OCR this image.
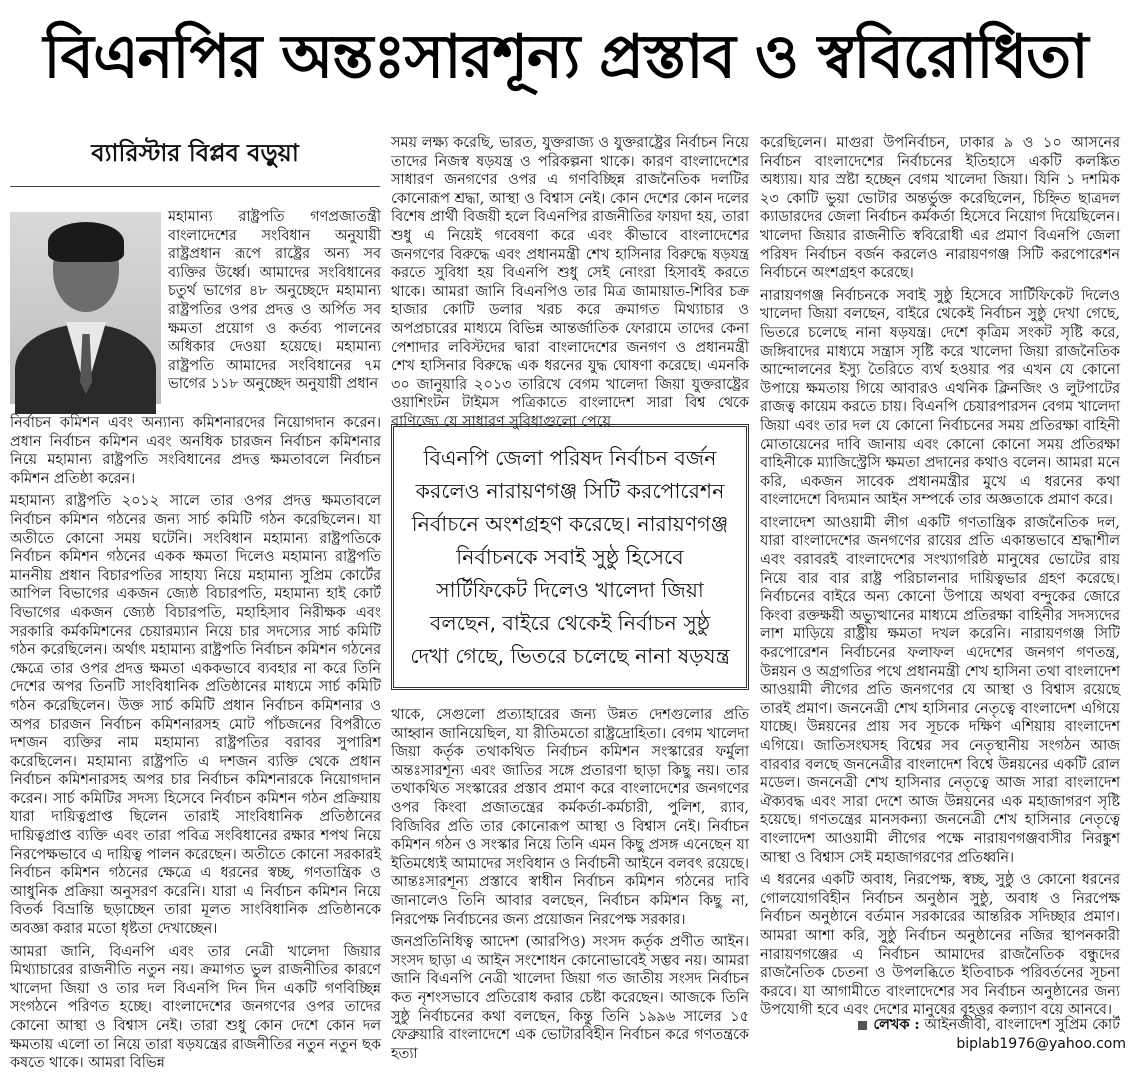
বিএনপির অন্তঃসারশূন্য প্রস্তাব ও স্ববিরোধিতা
ব্যারিস্টার বিপ্লব বড়ুয়া

মহামান্য রাষ্ট্রপতি গণপ্রজাতন্ত্রী বাংলাদেশের সংবিধান অনুযায়ী রাষ্ট্রপ্রধান রূপে রাষ্ট্রের অন্য সব ব্যক্তির উর্ধ্বে। আমাদের সংবিধানের চতুর্থ ভাগের ৪৮ অনুচ্ছেদে মহামান্য রাষ্ট্রপতির ওপর প্রদত্ত ও অর্পিত সব ক্ষমতা প্রয়োগ ও কর্তব্য পালনের অধিকার দেওয়া হয়েছে। মহামান্য রাষ্ট্রপতি আমাদের সংবিধানের ৭ম ভাগের ১১৮ অনুচ্ছেদ অনুযায়ী প্রধান

নির্বাচন কমিশন এবং অন্যান্য কমিশনারদের নিয়োগদান করেন। প্রধান নির্বাচন কমিশন এবং অনধিক চারজন নির্বাচন কমিশনার নিয়ে মহামান্য রাষ্ট্রপতি সংবিধানের প্রদত্ত ক্ষমতাবলে নির্বাচন কমিশন প্রতিষ্ঠা করেন।

মহামান্য রাষ্ট্রপতি ২০১২ সালে তার ওপর প্রদত্ত ক্ষমতাবলে নির্বাচন কমিশন গঠনের জন্য সার্চ কমিটি গঠন করেছিলেন। যা অতীতে কোনো সময় ঘটেনি। সংবিধান মহামান্য রাষ্ট্রপতিকে নির্বাচন কমিশন গঠনের একক ক্ষমতা দিলেও মহামান্য রাষ্ট্রপতি মাননীয় প্রধান বিচারপতির সাহায্য নিয়ে মহামান্য সুপ্রিম কোর্টের আপিল বিভাগের একজন জ্যেষ্ঠ বিচারপতি, মহামান্য হাই কোর্ট বিভাগের একজন জ্যেষ্ঠ বিচারপতি, মহাহিসাব নিরীক্ষক এবং সরকারি কর্মকমিশনের চেয়ারম্যান নিয়ে চার সদস্যের সার্চ কমিটি গঠন করেছিলেন। অর্থাৎ মহামান্য রাষ্ট্রপতি নির্বাচন কমিশন গঠনের ক্ষেত্রে তার ওপর প্রদত্ত ক্ষমতা এককভাবে ব্যবহার না করে তিনি দেশের অপর তিনটি সাংবিধানিক প্রতিষ্ঠানের মাধ্যমে সার্চ কমিটি গঠন করেছিলেন। উক্ত সার্চ কমিটি প্রধান নির্বাচন কমিশনার ও অপর চারজন নির্বাচন কমিশনারসহ মোট পাঁচজনের বিপরীতে দশজন ব্যক্তির নাম মহামান্য রাষ্ট্রপতির বরাবর সুপারিশ করেছিলেন। মহামান্য রাষ্ট্রপতি এ দশজন ব্যক্তি থেকে প্রধান নির্বাচন কমিশনারসহ অপর চার নির্বাচন কমিশনারকে নিয়োগদান করেন। সার্চ কমিটির সদস্য হিসেবে নির্বাচন কমিশন গঠন প্রক্রিয়ায় যারা দায়িত্বপ্রাপ্ত ছিলেন তারাই সাংবিধানিক প্রতিষ্ঠানের দায়িত্বপ্রাপ্ত ব্যক্তি এবং তারা পবিত্র সংবিধানের রক্ষার শপথ নিয়ে নিরপেক্ষভাবে এ দায়িত্ব পালন করেছেন। অতীতে কোনো সরকারই নির্বাচন কমিশন গঠনের ক্ষেত্রে এ ধরনের স্বচ্ছ, গণতান্ত্রিক ও আধুনিক প্রক্রিয়া অনুসরণ করেনি। যারা এ নির্বাচন কমিশন নিয়ে বিতর্ক বিভ্রান্তি ছড়াচ্ছেন তারা মূলত সাংবিধানিক প্রতিষ্ঠানকে অবজ্ঞা করার মতো ধৃষ্টতা দেখাচ্ছেন।

আমরা জানি, বিএনপি এবং তার নেত্রী খালেদা জিয়ার মিথ্যাচারের রাজনীতি নতুন নয়। ক্রমাগত ভুল রাজনীতির কারণে খালেদা জিয়া ও তার দল বিএনপি দিন দিন একটি গণবিচ্ছিন্ন সংগঠনে পরিণত হচ্ছে। বাংলাদেশের জনগণের ওপর তাদের কোনো আস্থা ও বিশ্বাস নেই। তারা শুধু কোন দেশে কোন দল ক্ষমতায় এলো তা নিয়ে তারা ষড়যন্ত্রের রাজনীতির নতুন নতুন ছক কষতে থাকে। আমরা বিভিন্ন

সময় লক্ষ্য করেছি, ভারত, যুক্তরাজ্য ও যুক্তরাষ্ট্রের নির্বাচন নিয়ে তাদের নিজস্ব ষড়যন্ত্র ও পরিকল্পনা থাকে। কারণ বাংলাদেশের সাধারণ জনগণের ওপর এ গণবিচ্ছিন্ন রাজনৈতিক দলটির কোনোরূপ শ্রদ্ধা, আস্থা ও বিশ্বাস নেই। কোন দেশের কোন দলের বিশেষ প্রার্থী বিজয়ী হলে বিএনপির রাজনীতির ফায়দা হয়, তারা শুধু এ নিয়েই গবেষণা করে এবং কীভাবে বাংলাদেশের জনগণের বিরুদ্ধে এবং প্রধানমন্ত্রী শেখ হাসিনার বিরুদ্ধে ষড়যন্ত্র করতে সুবিধা হয় বিএনপি শুধু সেই নোংরা হিসাবই করতে থাকে। আমরা জানি বিএনপিও তার মিত্র জামায়াত-শিবির চক্র হাজার কোটি ডলার খরচ করে ক্রমাগত মিথ্যাচার ও অপপ্রচারের মাধ্যমে বিভিন্ন আন্তর্জাতিক ফোরামে তাদের কেনা পেশাদার লবিস্টদের দ্বারা বাংলাদেশের জনগণ ও প্রধানমন্ত্রী শেখ হাসিনার বিরুদ্ধে এক ধরনের যুদ্ধ ঘোষণা করেছে। এমনকি ৩০ জানুয়ারি ২০১৩ তারিখে বেগম খালেদা জিয়া যুক্তরাষ্ট্রের ওয়াশিংটন টাইমস পত্রিকাতে বাংলাদেশ সারা বিশ্ব থেকে বাণিজ্যে যে সাধারণ সুবিধাগুলো পেয়ে

বিএনপি জেলা পরিষদ নির্বাচন বর্জন করলেও নারায়ণগঞ্জ সিটি করপোরেশন নির্বাচনে অংশগ্রহণ করেছে। নারায়ণগঞ্জ নির্বাচনকে সবাই সুষ্ঠু হিসেবে সার্টিফিকেট দিলেও খালেদা জিয়া বলছেন, বাইরে থেকেই নির্বাচন সুষ্ঠু দেখা গেছে, ভিতরে চলেছে নানা ষড়যন্ত্র

থাকে, সেগুলো প্রত্যাহারের জন্য উন্নত দেশগুলোর প্রতি আহ্বান জানিয়েছিল, যা রীতিমতো রাষ্ট্রদ্রোহিতা। বেগম খালেদা জিয়া কর্তৃক তথাকথিত নির্বাচন কমিশন সংস্কারের ফর্মুলা অন্তঃসারশূন্য এবং জাতির সঙ্গে প্রতারণা ছাড়া কিছু নয়। তার তথাকথিত সংস্কারের প্রস্তাব প্রমাণ করে বাংলাদেশের জনগণের ওপর কিংবা প্রজাতন্ত্রের কর্মকর্তা-কর্মচারী, পুলিশ, র‌্যাব, বিজিবির প্রতি তার কোনোরূপ আস্থা ও বিশ্বাস নেই। নির্বাচন কমিশন গঠন ও সংস্কার নিয়ে তিনি এমন কিছু প্রসঙ্গ এনেছেন যা ইতিমধ্যেই আমাদের সংবিধান ও নির্বাচনী আইনে বলবৎ রয়েছে। আন্তঃসারশূন্য প্রস্তাবে স্বাধীন নির্বাচন কমিশন গঠনের দাবি জানালেও তিনি আবার বলছেন, নির্বাচন কমিশন কিছু না, নিরপেক্ষ নির্বাচনের জন্য প্রয়োজন নিরপেক্ষ সরকার।

জনপ্রতিনিধিত্ব আদেশ (আরপিও) সংসদ কর্তৃক প্রণীত আইন। সংসদ ছাড়া এ আইন সংশোধন কোনোভাবেই সম্ভব নয়। আমরা জানি বিএনপি নেত্রী খালেদা জিয়া গত জাতীয় সংসদ নির্বাচন কত নৃশংসভাবে প্রতিরোধ করার চেষ্টা করেছেন। আজকে তিনি সুষ্ঠু নির্বাচনের কথা বলছেন, কিন্তু তিনি ১৯৯৬ সালের ১৫ ফেব্রুয়ারি বাংলাদেশে এক ভোটারবিহীন নির্বাচন করে গণতন্ত্রকে হত্যা

করেছিলেন। মাগুরা উপনির্বাচন, ঢাকার ৯ ও ১০ আসনের নির্বাচন বাংলাদেশের নির্বাচনের ইতিহাসে একটি কলঙ্কিত অধ্যায়। যার স্রষ্টা হচ্ছেন বেগম খালেদা জিয়া। যিনি ১ দশমিক ২৩ কোটি ভুয়া ভোটার অন্তর্ভুক্ত করেছিলেন, চিহ্নিত ছাত্রদল ক্যাডারদের জেলা নির্বাচন কর্মকর্তা হিসেবে নিয়োগ দিয়েছিলেন। খালেদা জিয়ার রাজনীতি স্ববিরোধী এর প্রমাণ বিএনপি জেলা পরিষদ নির্বাচন বর্জন করলেও নারায়ণগঞ্জ সিটি করপোরেশন নির্বাচনে অংশগ্রহণ করেছে।

নারায়ণগঞ্জ নির্বাচনকে সবাই সুষ্ঠু হিসেবে সার্টিফিকেট দিলেও খালেদা জিয়া বলছেন, বাইরে থেকেই নির্বাচন সুষ্ঠু দেখা গেছে, ভিতরে চলেছে নানা ষড়যন্ত্র। দেশে কৃত্রিম সংকট সৃষ্টি করে, জঙ্গিবাদের মাধ্যমে সন্ত্রাস সৃষ্টি করে খালেদা জিয়া রাজনৈতিক আন্দোলনের ইস্যু তৈরিতে ব্যর্থ হওয়ার পর এখন যে কোনো উপায়ে ক্ষমতায় গিয়ে আবারও এথনিক ক্লিনজিং ও লুটপাটের রাজত্ব কায়েম করতে চায়। বিএনপি চেয়ারপারসন বেগম খালেদা জিয়া এবং তার দল যে কোনো নির্বাচনের সময় প্রতিরক্ষা বাহিনী মোতায়েনের দাবি জানায় এবং কোনো কোনো সময় প্রতিরক্ষা বাহিনীকে ম্যাজিস্ট্রেসি ক্ষমতা প্রদানের কথাও বলেন। আমরা মনে করি, একজন সাবেক প্রধানমন্ত্রীর মুখে এ ধরনের কথা বাংলাদেশে বিদ্যমান আইন সম্পর্কে তার অজ্ঞতাকে প্রমাণ করে।

বাংলাদেশ আওয়ামী লীগ একটি গণতান্ত্রিক রাজনৈতিক দল, যারা বাংলাদেশের জনগণের রায়ের প্রতি একান্তভাবে শ্রদ্ধাশীল এবং বরাবরই বাংলাদেশের সংখ্যাগরিষ্ঠ মানুষের ভোটের রায় নিয়ে বার বার রাষ্ট্র পরিচালনার দায়িত্বভার গ্রহণ করেছে। নির্বাচনের বাইরে অন্য কোনো উপায়ে অথবা বন্দুকের জোরে কিংবা রক্তক্ষয়ী অভ্যুত্থানের মাধ্যমে প্রতিরক্ষা বাহিনীর সদস্যদের লাশ মাড়িয়ে রাষ্ট্রীয় ক্ষমতা দখল করেনি। নারায়ণগঞ্জ সিটি করপোরেশন নির্বাচনের ফলাফল এদেশের জনগণ গণতন্ত্র, উন্নয়ন ও অগ্রগতির পথে প্রধানমন্ত্রী শেখ হাসিনা তথা বাংলাদেশ আওয়ামী লীগের প্রতি জনগণের যে আস্থা ও বিশ্বাস রয়েছে তারই প্রমাণ। জননেত্রী শেখ হাসিনার নেতৃত্বে বাংলাদেশ এগিয়ে যাচ্ছে। উন্নয়নের প্রায় সব সূচকে দক্ষিণ এশিয়ায় বাংলাদেশ এগিয়ে। জাতিসংঘসহ বিশ্বের সব নেতৃস্থানীয় সংগঠন আজ বারবার বলছে জননেত্রীর বাংলাদেশ বিশ্বে উন্নয়নের একটি রোল মডেল। জননেত্রী শেখ হাসিনার নেতৃত্বে আজ সারা বাংলাদেশ ঐক্যবদ্ধ এবং সারা দেশে আজ উন্নয়নের এক মহাজাগরণ সৃষ্টি হয়েছে। গণতন্ত্রের মানসকন্যা জননেত্রী শেখ হাসিনার নেতৃত্বে বাংলাদেশ আওয়ামী লীগের পক্ষে নারায়ণগঞ্জবাসীর নিরঙ্কুশ আস্থা ও বিশ্বাস সেই মহাজাগরণের প্রতিধ্বনি।

এ ধরনের একটি অবাধ, নিরপেক্ষ, স্বচ্ছ, সুষ্ঠু ও কোনো ধরনের গোলযোগবিহীন নির্বাচন অনুষ্ঠান সুষ্ঠু, অবাধ ও নিরপেক্ষ নির্বাচন অনুষ্ঠানে বর্তমান সরকারের আন্তরিক সদিচ্ছার প্রমাণ। আমরা আশা করি, সুষ্ঠু নির্বাচন অনুষ্ঠানের নজির স্থাপনকারী নারায়ণগঞ্জের এ নির্বাচন আমাদের রাজনৈতিক বন্ধুদের রাজনৈতিক চেতনা ও উপলব্ধিতে ইতিবাচক পরিবর্তনের সূচনা করবে। যা আগামীতে বাংলাদেশের সব নির্বাচন অনুষ্ঠানের জন্য উপযোগী হবে এবং দেশের মানুষের বৃহত্তর কল্যাণ বয়ে আনবে।

লেখক : আইনজীবী, বাংলাদেশ সুপ্রিম কোর্ট
biplab1976@yahoo.com
